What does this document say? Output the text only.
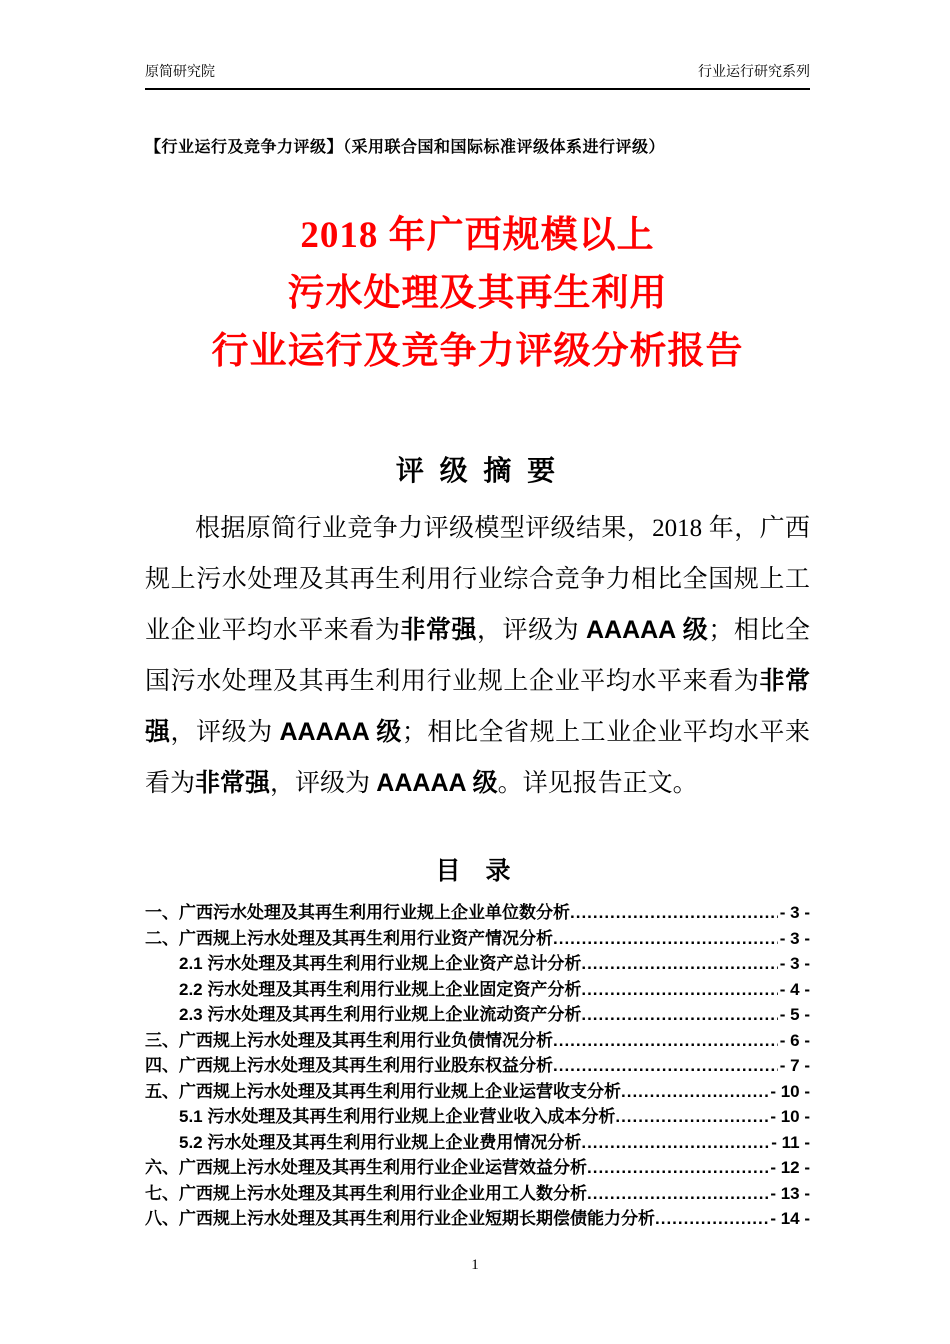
原简研究院	行业运行研究系列
【行业运行及竞争力评级】（采用联合国和国际标准评级体系进行评级）
2018 年广西规模以上
污水处理及其再生利用
行业运行及竞争力评级分析报告
评 级 摘 要

根据原简行业竞争力评级模型评级结果，2018 年，广西规上污水处理及其再生利用行业综合竞争力相比全国规上工业企业平均水平来看为非常强，评级为 AAAAA 级；相比全国污水处理及其再生利用行业规上企业平均水平来看为非常强，评级为 AAAAA 级；相比全省规上工业企业平均水平来看为非常强，评级为 AAAAA 级。详见报告正文。

目 录
一、广西污水处理及其再生利用行业规上企业单位数分析 .....	- 3 -
二、广西规上污水处理及其再生利用行业资产情况分析 .....	- 3 -
2.1 污水处理及其再生利用行业规上企业资产总计分析 .....	- 3 -
2.2 污水处理及其再生利用行业规上企业固定资产分析 .....	- 4 -
2.3 污水处理及其再生利用行业规上企业流动资产分析 .....	- 5 -
三、广西规上污水处理及其再生利用行业负债情况分析 .....	- 6 -
四、广西规上污水处理及其再生利用行业股东权益分析 .....	- 7 -
五、广西规上污水处理及其再生利用行业规上企业运营收支分析 .....	- 10 -
5.1 污水处理及其再生利用行业规上企业营业收入成本分析 .....	- 10 -
5.2 污水处理及其再生利用行业规上企业费用情况分析 .....	- 11 -
六、广西规上污水处理及其再生利用行业企业运营效益分析 .....	- 12 -
七、广西规上污水处理及其再生利用行业企业用工人数分析 .....	- 13 -
八、广西规上污水处理及其再生利用行业企业短期长期偿债能力分析 .....	- 14 -
1
